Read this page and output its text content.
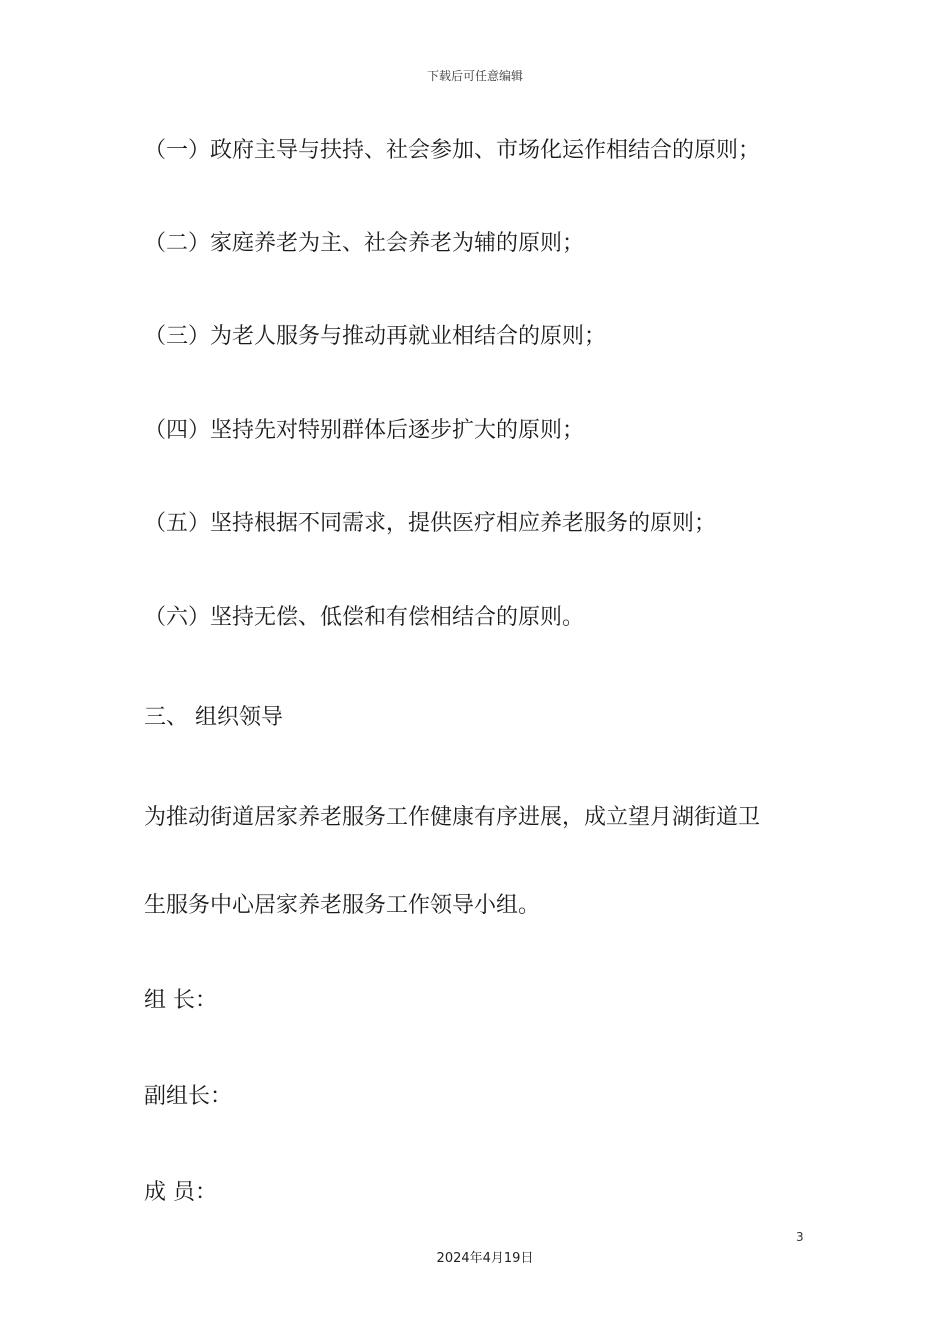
下载后可任意编辑
（一）政府主导与扶持、社会参加、市场化运作相结合的原则；
（二）家庭养老为主、社会养老为辅的原则；
（三）为老人服务与推动再就业相结合的原则；
（四）坚持先对特别群体后逐步扩大的原则；
（五）坚持根据不同需求，提供医疗相应养老服务的原则；
（六）坚持无偿、低偿和有偿相结合的原则。
三、 组织领导
为推动街道居家养老服务工作健康有序进展，成立望月湖街道卫
生服务中心居家养老服务工作领导小组。
组 长：
副组长：
成 员：
3
2024年4月19日
